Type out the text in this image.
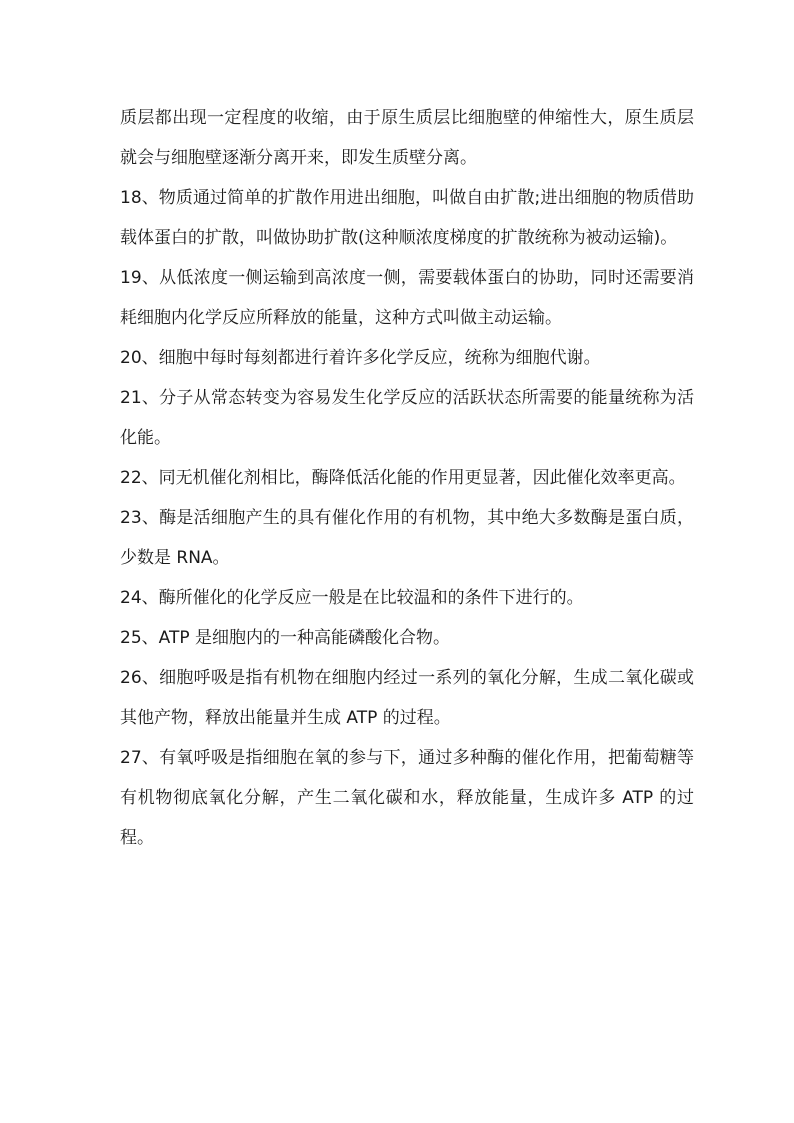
质层都出现一定程度的收缩，由于原生质层比细胞壁的伸缩性大，原生质层就会与细胞壁逐渐分离开来，即发生质壁分离。

18、物质通过简单的扩散作用进出细胞，叫做自由扩散;进出细胞的物质借助载体蛋白的扩散，叫做协助扩散(这种顺浓度梯度的扩散统称为被动运输)。

19、从低浓度一侧运输到高浓度一侧，需要载体蛋白的协助，同时还需要消耗细胞内化学反应所释放的能量，这种方式叫做主动运输。

20、细胞中每时每刻都进行着许多化学反应，统称为细胞代谢。

21、分子从常态转变为容易发生化学反应的活跃状态所需要的能量统称为活化能。

22、同无机催化剂相比，酶降低活化能的作用更显著，因此催化效率更高。

23、酶是活细胞产生的具有催化作用的有机物，其中绝大多数酶是蛋白质，少数是 RNA。

24、酶所催化的化学反应一般是在比较温和的条件下进行的。

25、ATP 是细胞内的一种高能磷酸化合物。

26、细胞呼吸是指有机物在细胞内经过一系列的氧化分解，生成二氧化碳或其他产物，释放出能量并生成 ATP 的过程。

27、有氧呼吸是指细胞在氧的参与下，通过多种酶的催化作用，把葡萄糖等有机物彻底氧化分解，产生二氧化碳和水，释放能量，生成许多 ATP 的过程。
